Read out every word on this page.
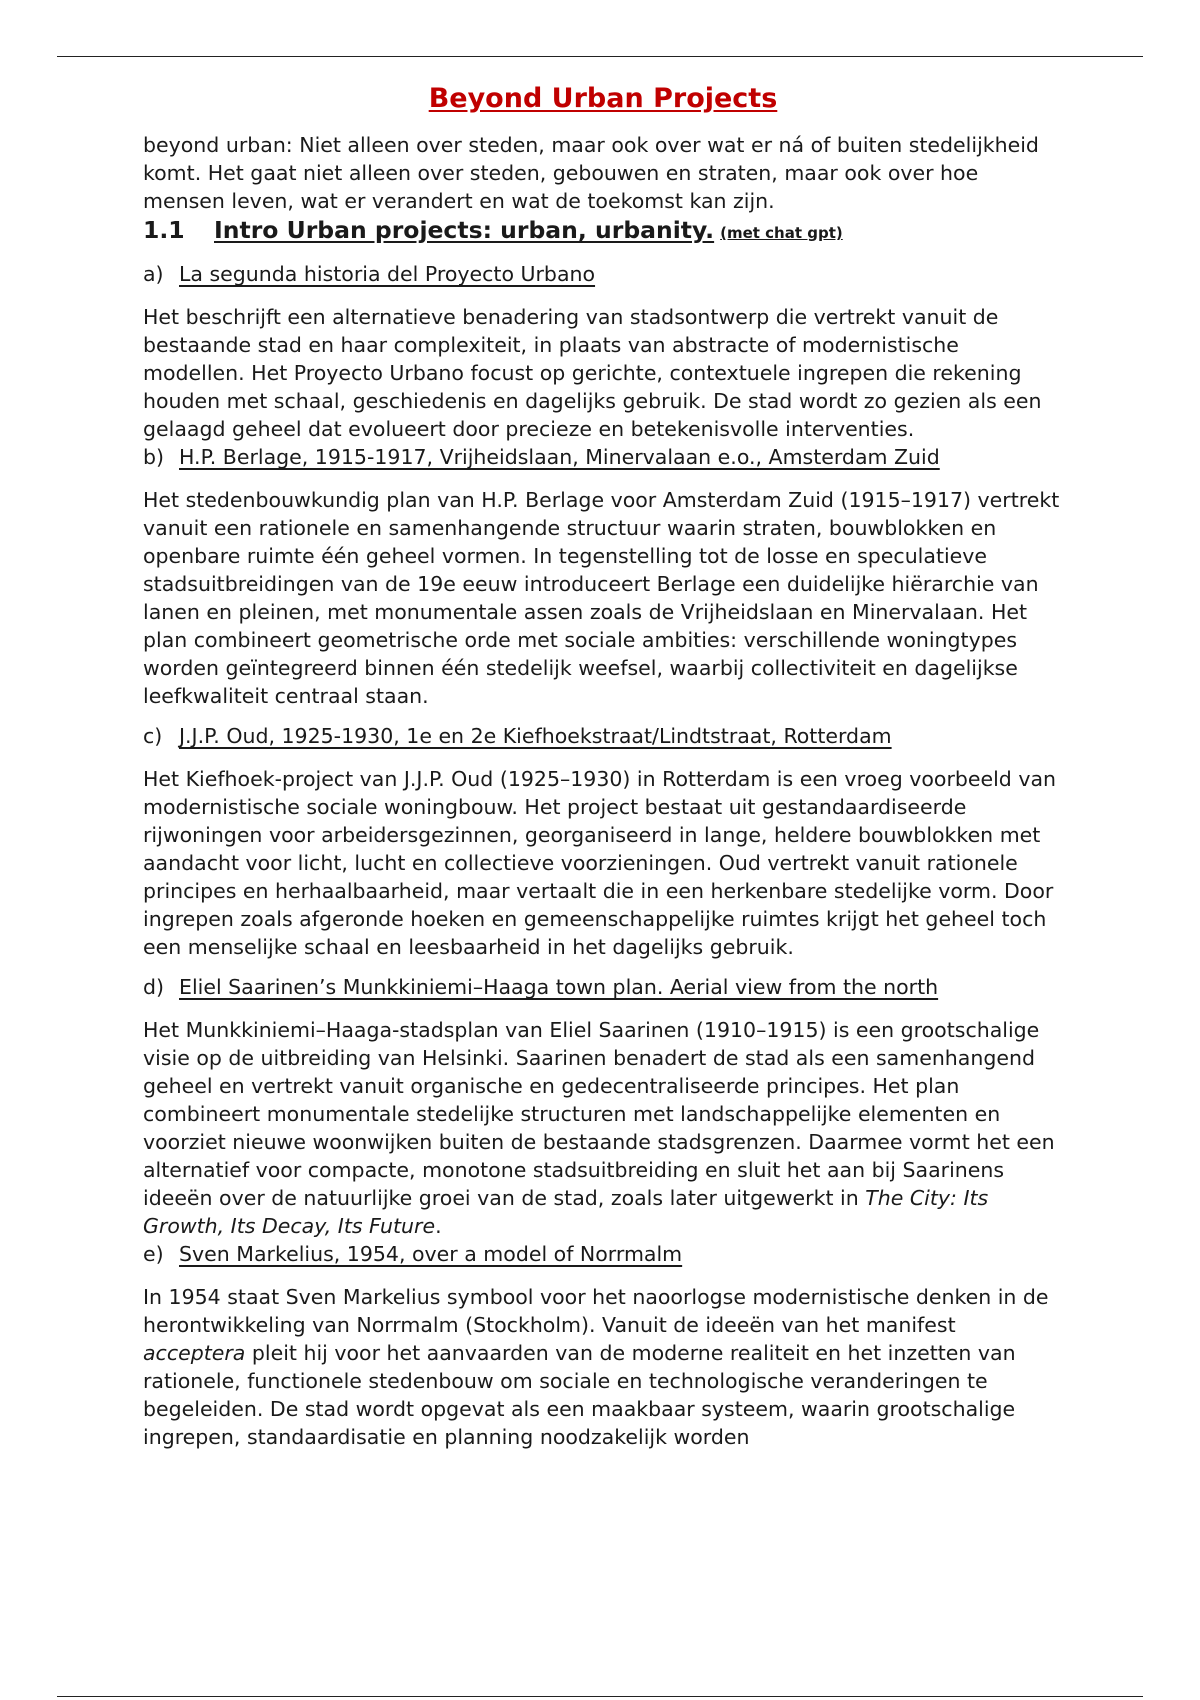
Beyond Urban Projects

beyond urban: Niet alleen over steden, maar ook over wat er ná of buiten stedelijkheid komt. Het gaat niet alleen over steden, gebouwen en straten, maar ook over hoe mensen leven, wat er verandert en wat de toekomst kan zijn.

1.1	Intro Urban projects: urban, urbanity. (met chat gpt)
a) La segunda historia del Proyecto Urbano

Het beschrijft een alternatieve benadering van stadsontwerp die vertrekt vanuit de bestaande stad en haar complexiteit, in plaats van abstracte of modernistische modellen. Het Proyecto Urbano focust op gerichte, contextuele ingrepen die rekening houden met schaal, geschiedenis en dagelijks gebruik. De stad wordt zo gezien als een gelaagd geheel dat evolueert door precieze en betekenisvolle interventies.

b) H.P. Berlage, 1915-1917, Vrijheidslaan, Minervalaan e.o., Amsterdam Zuid

Het stedenbouwkundig plan van H.P. Berlage voor Amsterdam Zuid (1915–1917) vertrekt vanuit een rationele en samenhangende structuur waarin straten, bouwblokken en openbare ruimte één geheel vormen. In tegenstelling tot de losse en speculatieve stadsuitbreidingen van de 19e eeuw introduceert Berlage een duidelijke hiërarchie van lanen en pleinen, met monumentale assen zoals de Vrijheidslaan en Minervalaan. Het plan combineert geometrische orde met sociale ambities: verschillende woningtypes worden geïntegreerd binnen één stedelijk weefsel, waarbij collectiviteit en dagelijkse leefkwaliteit centraal staan.

c) J.J.P. Oud, 1925-1930, 1e en 2e Kiefhoekstraat/Lindtstraat, Rotterdam

Het Kiefhoek-project van J.J.P. Oud (1925–1930) in Rotterdam is een vroeg voorbeeld van modernistische sociale woningbouw. Het project bestaat uit gestandaardiseerde rijwoningen voor arbeidersgezinnen, georganiseerd in lange, heldere bouwblokken met aandacht voor licht, lucht en collectieve voorzieningen. Oud vertrekt vanuit rationele principes en herhaalbaarheid, maar vertaalt die in een herkenbare stedelijke vorm. Door ingrepen zoals afgeronde hoeken en gemeenschappelijke ruimtes krijgt het geheel toch een menselijke schaal en leesbaarheid in het dagelijks gebruik.

d) Eliel Saarinen’s Munkkiniemi–Haaga town plan. Aerial view from the north

Het Munkkiniemi–Haaga-stadsplan van Eliel Saarinen (1910–1915) is een grootschalige visie op de uitbreiding van Helsinki. Saarinen benadert de stad als een samenhangend geheel en vertrekt vanuit organische en gedecentraliseerde principes. Het plan combineert monumentale stedelijke structuren met landschappelijke elementen en voorziet nieuwe woonwijken buiten de bestaande stadsgrenzen. Daarmee vormt het een alternatief voor compacte, monotone stadsuitbreiding en sluit het aan bij Saarinens ideeën over de natuurlijke groei van de stad, zoals later uitgewerkt in The City: Its Growth, Its Decay, Its Future.

e) Sven Markelius, 1954, over a model of Norrmalm

In 1954 staat Sven Markelius symbool voor het naoorlogse modernistische denken in de herontwikkeling van Norrmalm (Stockholm). Vanuit de ideeën van het manifest acceptera pleit hij voor het aanvaarden van de moderne realiteit en het inzetten van rationele, functionele stedenbouw om sociale en technologische veranderingen te begeleiden. De stad wordt opgevat als een maakbaar systeem, waarin grootschalige ingrepen, standaardisatie en planning noodzakelijk worden
